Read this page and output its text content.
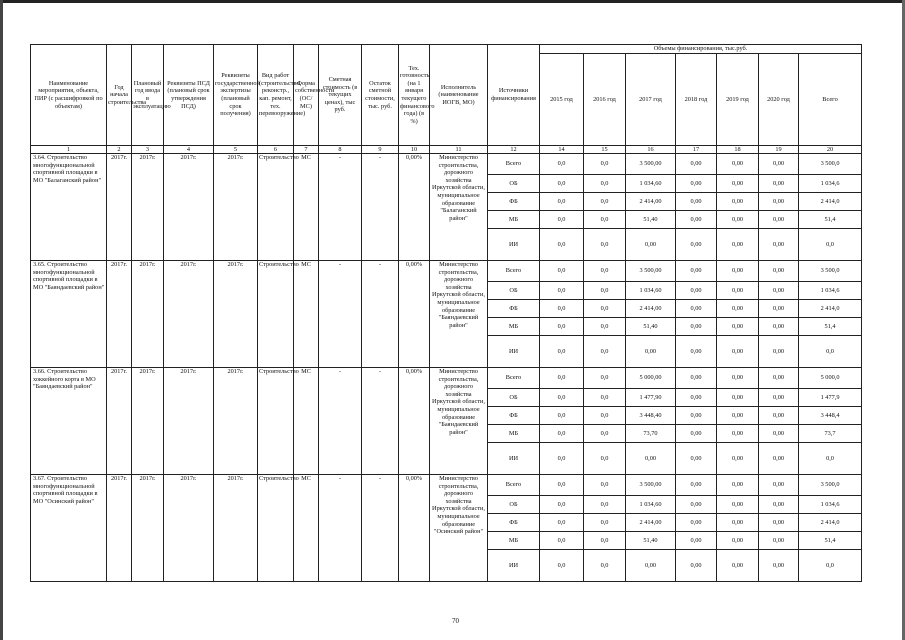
Наименование мероприятия, объекта, ПИР (с расшифровкой по объектам)	Год начала строительства	Плановый год ввода в эксплуатацию	Реквизиты ПСД (плановый срок утверждения ПСД)	Реквизиты государственной экспертизы (плановый срок получения)	Вид работ (строительство, реконстр., кап. ремонт, тех. перевооружение)	Форма собственности (ОС/МС)	Сметная стоимость (в текущих ценах), тыс руб.	Остаток сметной стоимости, тыс. руб.	Тех. готовность (на 1 января текущего финансового года) (в %)	Исполнитель (наименование ИОГВ, МО)	Источники финансирования	Объемы финансирования, тыс.руб.						
												2015 год	2016 год	2017 год	2018 год	2019 год	2020 год	Всего
1	2	3	4	5	6	7	8	9	10	11	12	14	15	16	17	18	19	20
3.64. Строительство многофункциональной спортивной площадки в МО "Балаганский район"	2017г.	2017г.	2017г.	2017г.	Строительство	МС	-	-	0,00%	Министерство строительства, дорожного хозяйства Иркутской области, муниципальное образование "Балаганский район"	Всего	0,0	0,0	3 500,00	0,00	0,00	0,00	3 500,0
											ОБ	0,0	0,0	1 034,60	0,00	0,00	0,00	1 034,6
											ФБ	0,0	0,0	2 414,00	0,00	0,00	0,00	2 414,0
											МБ	0,0	0,0	51,40	0,00	0,00	0,00	51,4
											ИИ	0,0	0,0	0,00	0,00	0,00	0,00	0,0
3.65. Строительство многофункциональной спортивной площадки в МО "Баяндаевский район"	2017г.	2017г.	2017г.	2017г.	Строительство	МС	-	-	0,00%	Министерство строительства, дорожного хозяйства Иркутской области, муниципальное образование "Баяндаевский район"	Всего	0,0	0,0	3 500,00	0,00	0,00	0,00	3 500,0
											ОБ	0,0	0,0	1 034,60	0,00	0,00	0,00	1 034,6
											ФБ	0,0	0,0	2 414,00	0,00	0,00	0,00	2 414,0
											МБ	0,0	0,0	51,40	0,00	0,00	0,00	51,4
											ИИ	0,0	0,0	0,00	0,00	0,00	0,00	0,0
3.66. Строительство хоккейного корта в МО "Баяндаевский район"	2017г.	2017г.	2017г.	2017г.	Строительство	МС	-	-	0,00%	Министерство строительства, дорожного хозяйства Иркутской области, муниципальное образование "Баяндаевский район"	Всего	0,0	0,0	5 000,00	0,00	0,00	0,00	5 000,0
											ОБ	0,0	0,0	1 477,90	0,00	0,00	0,00	1 477,9
											ФБ	0,0	0,0	3 448,40	0,00	0,00	0,00	3 448,4
											МБ	0,0	0,0	73,70	0,00	0,00	0,00	73,7
											ИИ	0,0	0,0	0,00	0,00	0,00	0,00	0,0
3.67. Строительство многофункциональной спортивной площадки в МО "Осинский район"	2017г.	2017г.	2017г.	2017г.	Строительство	МС	-	-	0,00%	Министерство строительства, дорожного хозяйства Иркутской области, муниципальное образование "Осинский район"	Всего	0,0	0,0	3 500,00	0,00	0,00	0,00	3 500,0
											ОБ	0,0	0,0	1 034,60	0,00	0,00	0,00	1 034,6
											ФБ	0,0	0,0	2 414,00	0,00	0,00	0,00	2 414,0
											МБ	0,0	0,0	51,40	0,00	0,00	0,00	51,4
											ИИ	0,0	0,0	0,00	0,00	0,00	0,00	0,0
70
